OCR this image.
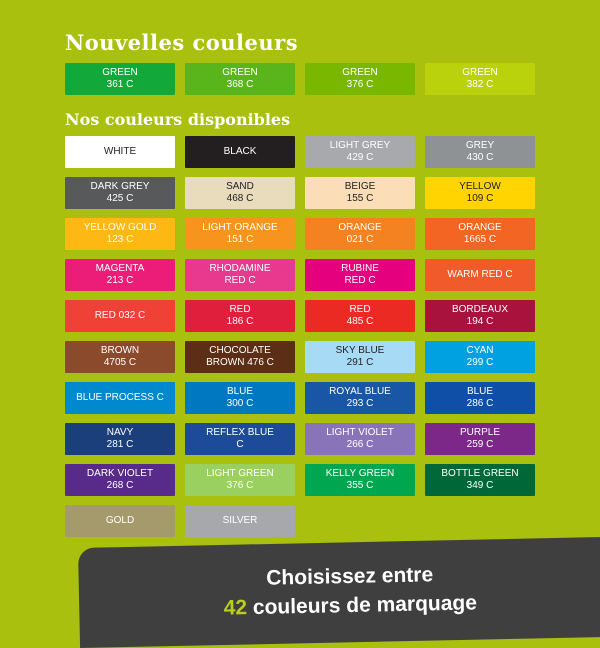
Nouvelles couleurs
GREEN
361 C
GREEN
368 C
GREEN
376 C
GREEN
382 C
Nos couleurs disponibles
WHITE	BLACK
LIGHT GREY
429 C
GREY
430 C
DARK GREY
425 C
SAND
468 C
BEIGE
155 C
YELLOW
109 C
YELLOW GOLD
123 C
LIGHT ORANGE
151 C
ORANGE
021 C
ORANGE
1665 C
MAGENTA
213 C
RHODAMINE
RED C
RUBINE
RED C
WARM RED C
RED 032 C
RED
186 C
RED
485 C
BORDEAUX
194 C
BROWN
4705 C
CHOCOLATE
BROWN 476 C
SKY BLUE
291 C
CYAN
299 C
BLUE PROCESS C
BLUE
300 C
ROYAL BLUE
293 C
BLUE
286 C
NAVY
281 C
REFLEX BLUE
C
LIGHT VIOLET
266 C
PURPLE
259 C
DARK VIOLET
268 C
LIGHT GREEN
376 C
KELLY GREEN
355 C
BOTTLE GREEN
349 C
GOLD	SILVER
Choisissez entre
42 couleurs de marquage
